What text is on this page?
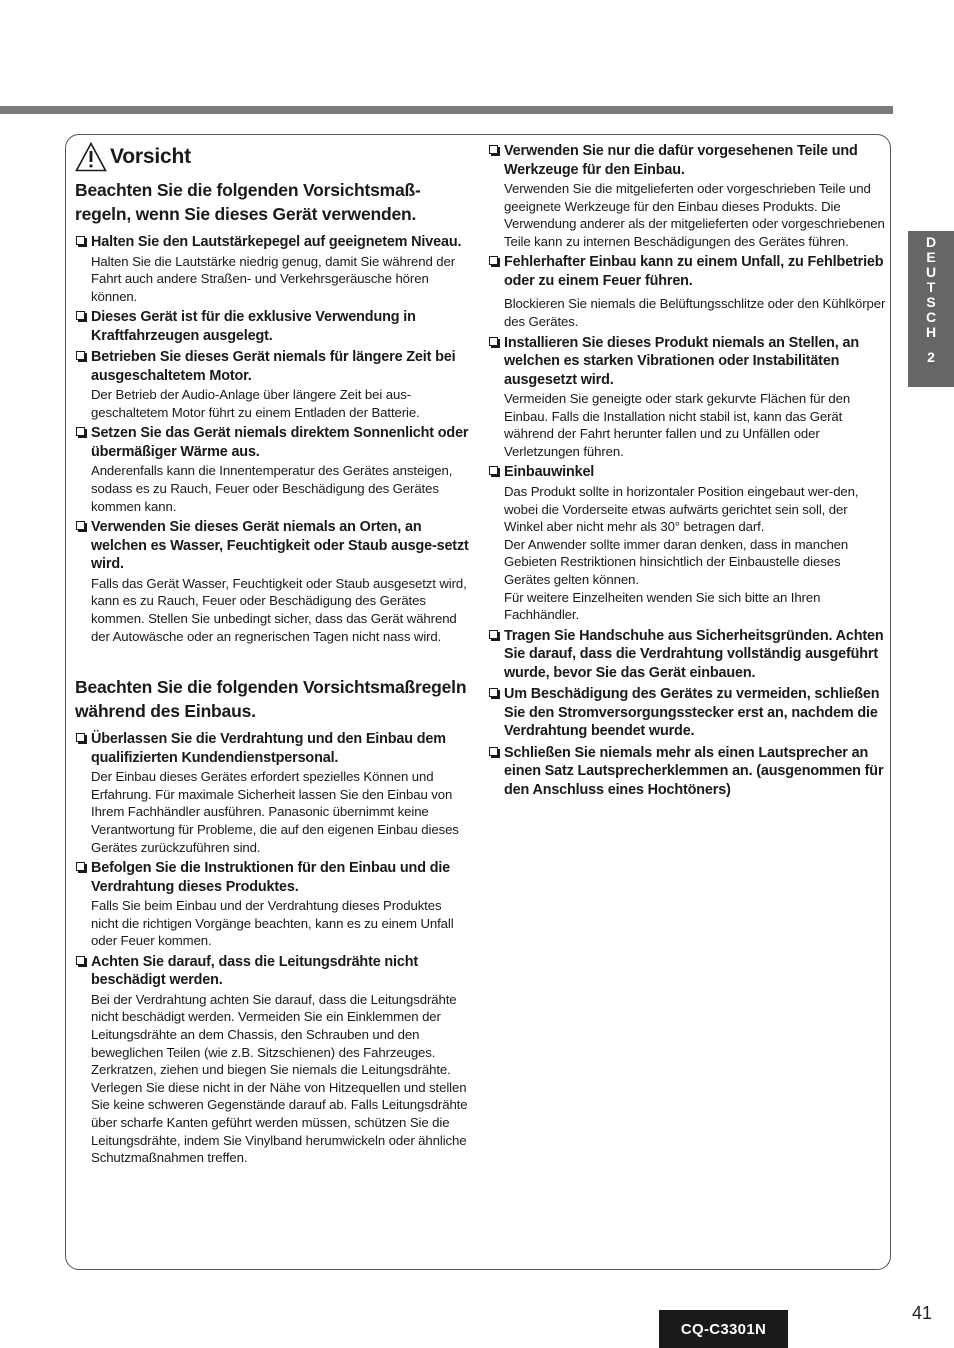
Vorsicht
Beachten Sie die folgenden Vorsichtsmaß-regeln, wenn Sie dieses Gerät verwenden.
Halten Sie den Lautstärkepegel auf geeignetem Niveau.
Halten Sie die Lautstärke niedrig genug, damit Sie während der Fahrt auch andere Straßen- und Verkehrsgeräusche hören können.
Dieses Gerät ist für die exklusive Verwendung in Kraftfahrzeugen ausgelegt.
Betrieben Sie dieses Gerät niemals für längere Zeit bei ausgeschaltetem Motor.
Der Betrieb der Audio-Anlage über längere Zeit bei aus-geschaltetem Motor führt zu einem Entladen der Batterie.
Setzen Sie das Gerät niemals direktem Sonnenlicht oder übermäßiger Wärme aus.
Anderenfalls kann die Innentemperatur des Gerätes ansteigen, sodass es zu Rauch, Feuer oder Beschädigung des Gerätes kommen kann.
Verwenden Sie dieses Gerät niemals an Orten, an welchen es Wasser, Feuchtigkeit oder Staub ausge-setzt wird.
Falls das Gerät Wasser, Feuchtigkeit oder Staub ausgesetzt wird, kann es zu Rauch, Feuer oder Beschädigung des Gerätes kommen. Stellen Sie unbedingt sicher, dass das Gerät während der Autowäsche oder an regnerischen Tagen nicht nass wird.
Beachten Sie die folgenden Vorsichtsmaßregeln während des Einbaus.
Überlassen Sie die Verdrahtung und den Einbau dem qualifizierten Kundendienstpersonal.
Der Einbau dieses Gerätes erfordert spezielles Können und Erfahrung. Für maximale Sicherheit lassen Sie den Einbau von Ihrem Fachhändler ausführen. Panasonic übernimmt keine Verantwortung für Probleme, die auf den eigenen Einbau dieses Gerätes zurückzuführen sind.
Befolgen Sie die Instruktionen für den Einbau und die Verdrahtung dieses Produktes.
Falls Sie beim Einbau und der Verdrahtung dieses Produktes nicht die richtigen Vorgänge beachten, kann es zu einem Unfall oder Feuer kommen.
Achten Sie darauf, dass die Leitungsdrähte nicht beschädigt werden.
Bei der Verdrahtung achten Sie darauf, dass die Leitungsdrähte nicht beschädigt werden. Vermeiden Sie ein Einklemmen der Leitungsdrähte an dem Chassis, den Schrauben und den beweglichen Teilen (wie z.B. Sitzschienen) des Fahrzeuges. Zerkratzen, ziehen und biegen Sie niemals die Leitungsdrähte. Verlegen Sie diese nicht in der Nähe von Hitzequellen und stellen Sie keine schweren Gegenstände darauf ab. Falls Leitungsdrähte über scharfe Kanten geführt werden müssen, schützen Sie die Leitungsdrähte, indem Sie Vinylband herumwickeln oder ähnliche Schutzmaßnahmen treffen.
Verwenden Sie nur die dafür vorgesehenen Teile und Werkzeuge für den Einbau.

Verwenden Sie die mitgelieferten oder vorgeschrieben Teile und geeignete Werkzeuge für den Einbau dieses Produkts. Die Verwendung anderer als der mitgelieferten oder vorgeschriebenen Teile kann zu internen Beschädigungen des Gerätes führen.

Fehlerhafter Einbau kann zu einem Unfall, zu Fehlbetrieb oder zu einem Feuer führen.

Blockieren Sie niemals die Belüftungsschlitze oder den Kühlkörper des Gerätes.

Installieren Sie dieses Produkt niemals an Stellen, an welchen es starken Vibrationen oder Instabilitäten ausgesetzt wird.

Vermeiden Sie geneigte oder stark gekurvte Flächen für den Einbau. Falls die Installation nicht stabil ist, kann das Gerät während der Fahrt herunter fallen und zu Unfällen oder Verletzungen führen.

Einbauwinkel

Das Produkt sollte in horizontaler Position eingebaut wer-den, wobei die Vorderseite etwas aufwärts gerichtet sein soll, der Winkel aber nicht mehr als 30° betragen darf.

Der Anwender sollte immer daran denken, dass in manchen Gebieten Restriktionen hinsichtlich der Einbaustelle dieses Gerätes gelten können.

Für weitere Einzelheiten wenden Sie sich bitte an Ihren Fachhändler.

Tragen Sie Handschuhe aus Sicherheitsgründen. Achten Sie darauf, dass die Verdrahtung vollständig ausgeführt wurde, bevor Sie das Gerät einbauen.
Um Beschädigung des Gerätes zu vermeiden, schließen Sie den Stromversorgungsstecker erst an, nachdem die Verdrahtung beendet wurde.
Schließen Sie niemals mehr als einen Lautsprecher an einen Satz Lautsprecherklemmen an. (ausgenommen für den Anschluss eines Hochtöners)
D
E
U
T
S
C
H
2
41
CQ-C3301N
